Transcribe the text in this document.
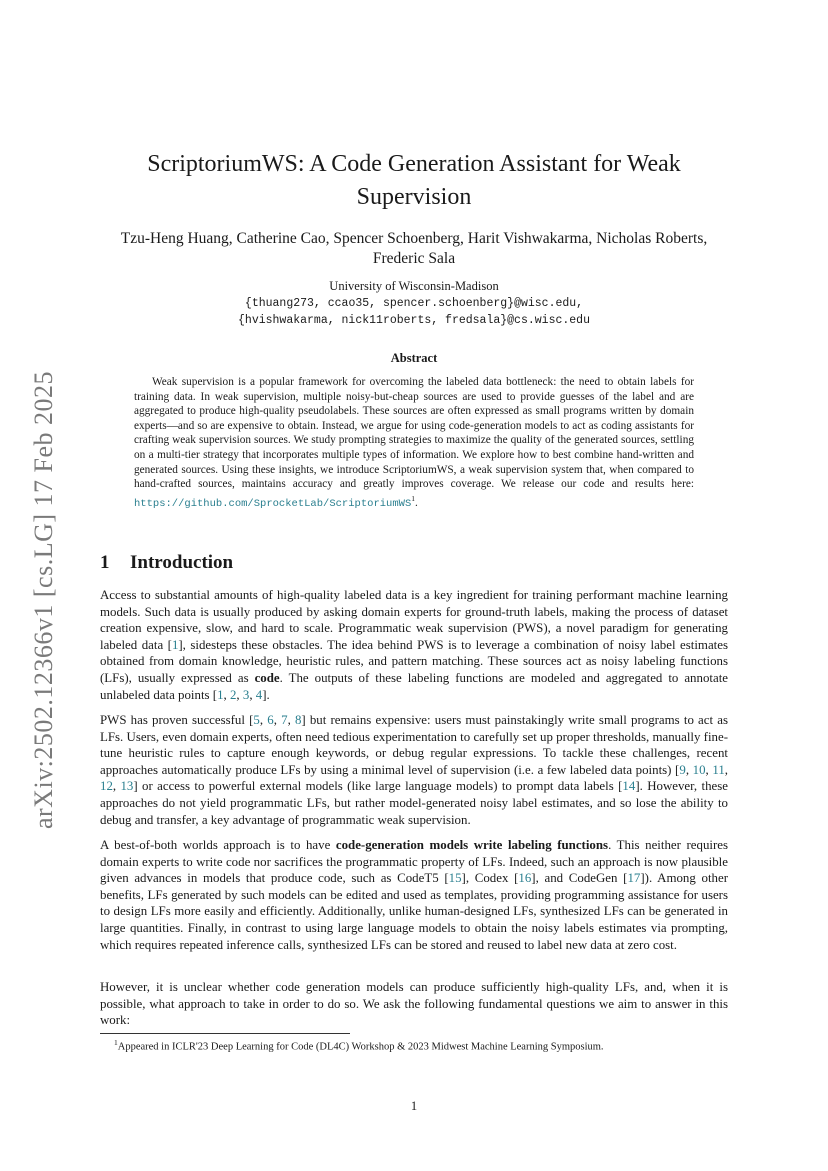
arXiv:2502.12366v1 [cs.LG] 17 Feb 2025
ScriptoriumWS: A Code Generation Assistant for Weak Supervision
Tzu-Heng Huang, Catherine Cao, Spencer Schoenberg, Harit Vishwakarma, Nicholas Roberts,
Frederic Sala
University of Wisconsin-Madison
{thuang273, ccao35, spencer.schoenberg}@wisc.edu,
{hvishwakarma, nick11roberts, fredsala}@cs.wisc.edu
Abstract
Weak supervision is a popular framework for overcoming the labeled data bottleneck: the need to obtain labels for training data. In weak supervision, multiple noisy-but-cheap sources are used to provide guesses of the label and are aggregated to produce high-quality pseudolabels. These sources are often expressed as small programs written by domain experts—and so are expensive to obtain. Instead, we argue for using code-generation models to act as coding assistants for crafting weak supervision sources. We study prompting strategies to maximize the quality of the generated sources, settling on a multi-tier strategy that incorporates multiple types of information. We explore how to best combine hand-written and generated sources. Using these insights, we introduce ScriptoriumWS, a weak supervision system that, when compared to hand-crafted sources, maintains accuracy and greatly improves coverage. We release our code and results here: https://github.com/SprocketLab/ScriptoriumWS$^1$.
1 Introduction
Access to substantial amounts of high-quality labeled data is a key ingredient for training performant machine learning models. Such data is usually produced by asking domain experts for ground-truth labels, making the process of dataset creation expensive, slow, and hard to scale. Programmatic weak supervision (PWS), a novel paradigm for generating labeled data [1], sidesteps these obstacles. The idea behind PWS is to leverage a combination of noisy label estimates obtained from domain knowledge, heuristic rules, and pattern matching. These sources act as noisy labeling functions (LFs), usually expressed as code. The outputs of these labeling functions are modeled and aggregated to annotate unlabeled data points [1, 2, 3, 4].
PWS has proven successful [5, 6, 7, 8] but remains expensive: users must painstakingly write small programs to act as LFs. Users, even domain experts, often need tedious experimentation to carefully set up proper thresholds, manually fine-tune heuristic rules to capture enough keywords, or debug regular expressions. To tackle these challenges, recent approaches automatically produce LFs by using a minimal level of supervision (i.e. a few labeled data points) [9, 10, 11, 12, 13] or access to powerful external models (like large language models) to prompt data labels [14]. However, these approaches do not yield programmatic LFs, but rather model-generated noisy label estimates, and so lose the ability to debug and transfer, a key advantage of programmatic weak supervision.
A best-of-both worlds approach is to have code-generation models write labeling functions. This neither requires domain experts to write code nor sacrifices the programmatic property of LFs. Indeed, such an approach is now plausible given advances in models that produce code, such as CodeT5 [15], Codex [16], and CodeGen [17]). Among other benefits, LFs generated by such models can be edited and used as templates, providing programming assistance for users to design LFs more easily and efficiently. Additionally, unlike human-designed LFs, synthesized LFs can be generated in large quantities. Finally, in contrast to using large language models to obtain the noisy labels estimates via prompting, which requires repeated inference calls, synthesized LFs can be stored and reused to label new data at zero cost.
However, it is unclear whether code generation models can produce sufficiently high-quality LFs, and, when it is possible, what approach to take in order to do so. We ask the following fundamental questions we aim to answer in this work:
$^1$Appeared in ICLR'23 Deep Learning for Code (DL4C) Workshop & 2023 Midwest Machine Learning Symposium.
1
